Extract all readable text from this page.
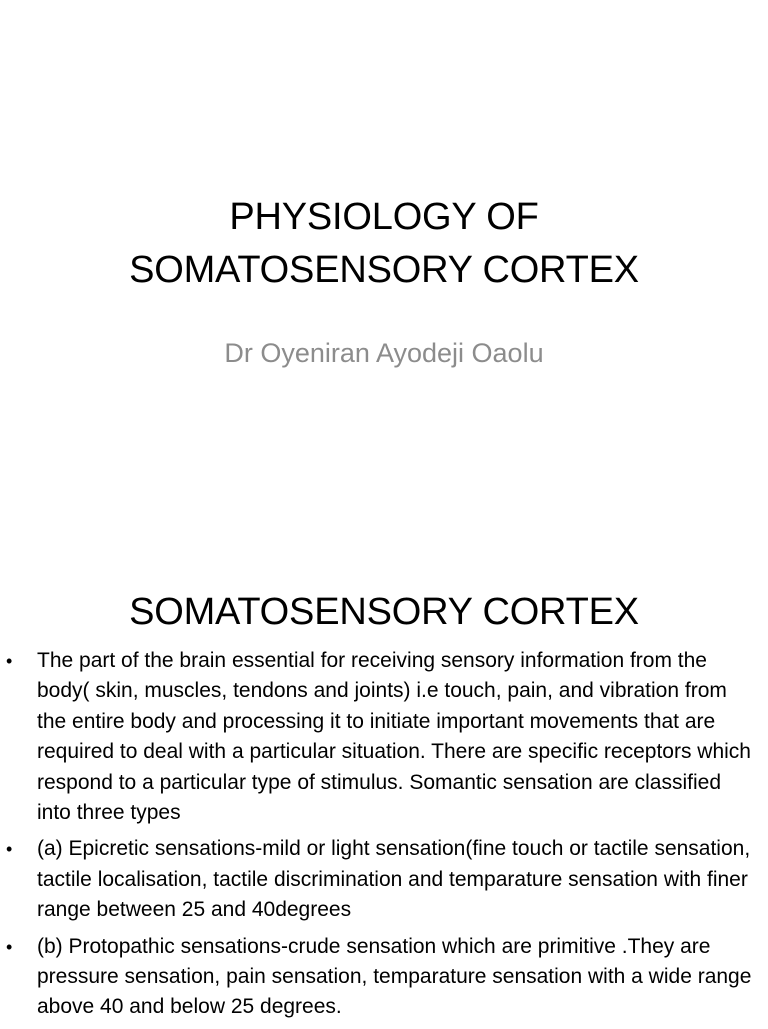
PHYSIOLOGY OF
SOMATOSENSORY CORTEX

Dr Oyeniran Ayodeji Oaolu

SOMATOSENSORY CORTEX
• The part of the brain essential for receiving sensory information from the body( skin, muscles, tendons and joints) i.e touch, pain, and vibration from the entire body and processing it to initiate important movements that are required to deal with a particular situation. There are specific receptors which respond to a particular type of stimulus. Somantic sensation are classified into three types
• (a) Epicretic sensations-mild or light sensation(fine touch or tactile sensation, tactile localisation, tactile discrimination and temparature sensation with finer range between 25 and 40degrees
• (b) Protopathic sensations-crude sensation which are primitive .They are pressure sensation, pain sensation, temparature sensation with a wide range above 40 and below 25 degrees.
